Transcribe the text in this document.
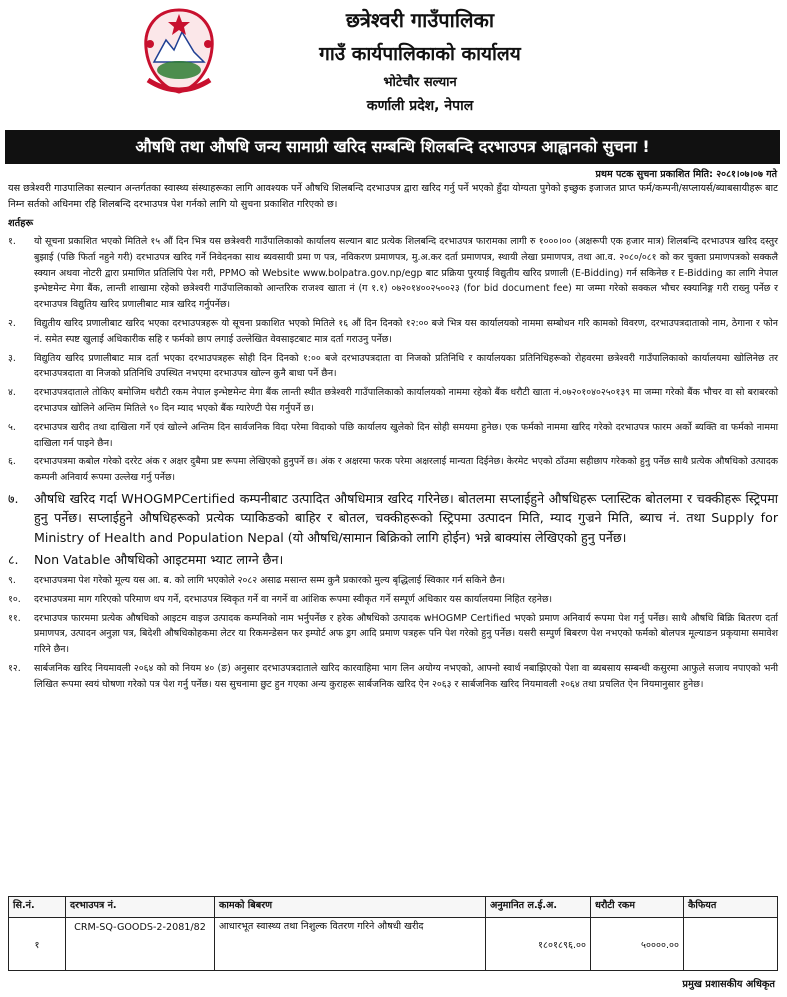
छत्रेश्वरी गाउँपालिका
गाउँ कार्यपालिकाको कार्यालय
भोटेचौर सल्यान
कर्णाली प्रदेश, नेपाल
औषधि तथा औषधि जन्य सामाग्री खरिद सम्बन्धि शिलबन्दि दरभाउपत्र आह्वानको सुचना !
प्रथम पटक सुचना प्रकाशित मिति: २०८१।०७।०७ गते
यस छत्रेश्वरी गाउपालिका सल्यान अन्तर्गतका स्वास्थ्य संस्थाहरूका लागि आवश्यक पर्ने औषधि शिलबन्दि दरभाउपत्र द्वारा खरिद गर्नु पर्ने भएको हुँदा योग्यता पुगेको इच्छुक इजाजत प्राप्त फर्म/कम्पनी/सप्लायर्स/ब्याबसायीहरू बाट निम्न सर्तको अधिनमा रहि शिलबन्दि दरभाउपत्र पेश गर्नको लागि यो सुचना प्रकाशित गरिएको छ।
शर्तहरू
१.	यो सूचना प्रकाशित भएको मितिले १५ औं दिन भित्र यस छत्रेश्वरी गाउँपालिकाको कार्यालय सल्यान बाट प्रत्येक शिलबन्दि दरभाउपत्र फारामका लागी रु १०००।०० (अक्षरूपी एक हजार मात्र) शिलबन्दि दरभाउपत्र खरिद दस्तुर बुझाई (पछि फिर्ता नहुने गरी) दरभाउपत्र खरिद गर्ने निवेदनका साथ ब्यवसायी प्रमा ण पत्र, नविकरण प्रमाणपत्र, मु.अ.कर दर्ता प्रमाणपत्र, स्थायी लेखा प्रमाणपत्र, तथा आ.व. २०८०/०८१ को कर चुक्ता प्रमाणपत्रको सक्कलै स्क्यान अथवा नोटरी द्वारा प्रमाणित प्रतिलिपि पेश गरी, PPMO को Website www.bolpatra.gov.np/egp बाट प्रक्रिया पुरयाई विद्युतीय खरिद प्रणाली (E-Bidding) गर्न सकिनेछ र E-Bidding का लागि नेपाल इन्भेष्टमेन्ट मेगा बैंक, लान्ती शाखामा रहेको छत्रेश्वरी गाउँपालिकाको आन्तरिक राजश्व खाता नं (ग १.१) ०७२०१४००२५००२३ (for bid document fee) मा जम्मा गरेको सक्कल भौचर स्क्यानिङ्ग गरी राख्नु पर्नेछ र दरभाउपत्र विद्युतिय खरिद प्रणालीबाट मात्र खरिद गर्नुपर्नेछ।
२.	विद्युतीय खरिद प्रणालीबाट खरिद भएका दरभाउपत्रहरू यो सूचना प्रकाशित भएको मितिले १६ औं दिन दिनको १२:०० बजे भित्र यस कार्यालयको नाममा सम्बोधन गरि कामको विवरण, दरभाउपत्रदाताको नाम, ठेगाना र फोन नं. समेत स्पष्ट खुलाई अधिकारीक सहि र फर्मको छाप लगाई उल्लेखित वेवसाइटबाट मात्र दर्ता गराउनु पर्नेछ।
३.	विद्युतिय खरिद प्रणालीबाट मात्र दर्ता भएका दरभाउपत्रहरू सोही दिन दिनको १:०० बजे दरभाउपत्रदाता वा निजको प्रतिनिधि र कार्यालयका प्रतिनिधिहरूको रोहवरमा छत्रेश्वरी गाउँपालिकाको कार्यालयमा खोलिनेछ तर दरभाउपत्रदाता वा निजको प्रतिनिधि उपस्थित नभएमा दरभाउपत्र खोल्न कुनै बाधा पर्ने छैन।
४.	दरभाउपत्रदाताले तोकिए बमोजिम धरौटी रकम नेपाल इन्भेष्टमेन्ट मेगा बैंक लान्ती स्थीत छत्रेश्वरी गाउँपालिकाको कार्यालयको नाममा रहेको बैंक धरौटी खाता नं.०७२०१०४०२५०१३९ मा जम्मा गरेको बैंक भौचर वा सो बराबरको दरभाउपत्र खोलिने अन्तिम मितिले ९० दिन म्याद भएको बैंक ग्यारेण्टी पेस गर्नुपर्ने छ।
५.	दरभाउपत्र खरीद तथा दाखिला गर्ने एवं खोल्ने अन्तिम दिन सार्वजनिक विदा परेमा विदाको पछि कार्यालय खुलेको दिन सोही समयमा हुनेछ। एक फर्मको नाममा खरिद गरेको दरभाउपत्र फारम अर्को ब्यक्ति वा फर्मको नाममा दाखिला गर्न पाइने छैन।
६.	दरभाउपत्रमा कबोल गरेको दररेट अंक र अक्षर दुबैमा प्रष्ट रूपमा लेखिएको हुनुपर्ने छ। अंक र अक्षरमा फरक परेमा अक्षरलाई मान्यता दिईनेछ। केरमेट भएको ठाँउमा सहीछाप गरेकको हुनु पर्नेछ साथै प्रत्येक औषधिको उत्पादक कम्पनी अनिवार्य रूपमा उल्लेख गर्नु पर्नेछ।
७.	औषधि खरिद गर्दा WHOGMPCertified कम्पनीबाट उत्पादित औषधिमात्र खरिद गरिनेछ। बोतलमा सप्लाईहुने औषधिहरू प्लास्टिक बोतलमा र चक्कीहरू स्ट्रिपमा हुनु पर्नेछ। सप्लाईहुने औषधिहरूको प्रत्येक प्याकिङको बाहिर र बोतल, चक्कीहरूको स्ट्रिपमा उत्पादन मिति, म्याद गुज्रने मिति, ब्याच नं. तथा Supply for Ministry of Health and Population Nepal (यो औषधि/सामान बिक्रिको लागि होईन) भन्ने बाक्यांस लेखिएको हुनु पर्नेछ।
८.	Non Vatable औषधिको आइटममा भ्याट लाग्ने छैन।
९.	दरभाउपत्रमा पेश गरेको मूल्य यस आ. ब. को लागि भएकोले २०८२ असाढ मसान्त सम्म कुनै प्रकारको मुल्य बृद्धिलाई स्विकार गर्न सकिने छैन।
१०.	दरभाउपत्रमा माग गरिएको परिमाण थप गर्ने, दरभाउपत्र स्विकृत गर्ने वा नगर्ने वा आंशिक रूपमा स्वीकृत गर्ने सम्पूर्ण अधिकार यस कार्यालयमा निहित रहनेछ।
११.	दरभाउपत्र फारममा प्रत्येक औषधिको आइटम वाइज उत्पादक कम्पनिको नाम भर्नुपर्नेछ र हरेक औषधिको उत्पादक wHOGMP Certified भएको प्रमाण अनिवार्य रूपमा पेश गर्नु पर्नेछ। साथै औषधि बिक्रि बितरण दर्ता प्रमाणपत्र, उत्पादन अनुज्ञा पत्र, बिदेशी औषधिकोहकमा लेटर या रिकमन्डेसन फर इम्पोर्ट अफ ड्रग आदि प्रमाण पत्रहरू पनि पेश गरेको हुनु पर्नेछ। यसरी सम्पुर्ण बिबरण पेश नभएको फर्मको बोलपत्र मूल्याङन प्रकृयामा समावेश गरिने छैन।
१२.	सार्बजनिक खरिद नियमावली २०६४ को को नियम ४० (ङ) अनुसार दरभाउपत्रदाताले खरिद कारवाहिमा भाग लिन अयोग्य नभएको, आफ्नो स्वार्थ नबाझिएको पेशा वा ब्यबसाय सम्बन्धी कसुरमा आफुले सजाय नपाएको भनी लिखित रूपमा स्वयं घोषणा गरेको पत्र पेश गर्नु पर्नेछ। यस सुचनामा छुट हुन गएका अन्य कुराहरू सार्बजनिक खरिद ऐन २०६३ र सार्बजनिक खरिद नियमावली २०६४ तथा प्रचलित ऐन नियमानुसार हुनेछ।
सि.नं.	दरभाउपत्र नं.	कामको बिबरण	अनुमानित ल.ई.अ.	धरौटी रकम	कैफियत
१	CRM-SQ-GOODS-2-2081/82	आधारभूत स्वास्थ्य तथा निशुल्क वितरण गरिने औषधी खरीद	१८०१८९६.००	५००००.००	
प्रमुख प्रशासकीय अधिकृत
